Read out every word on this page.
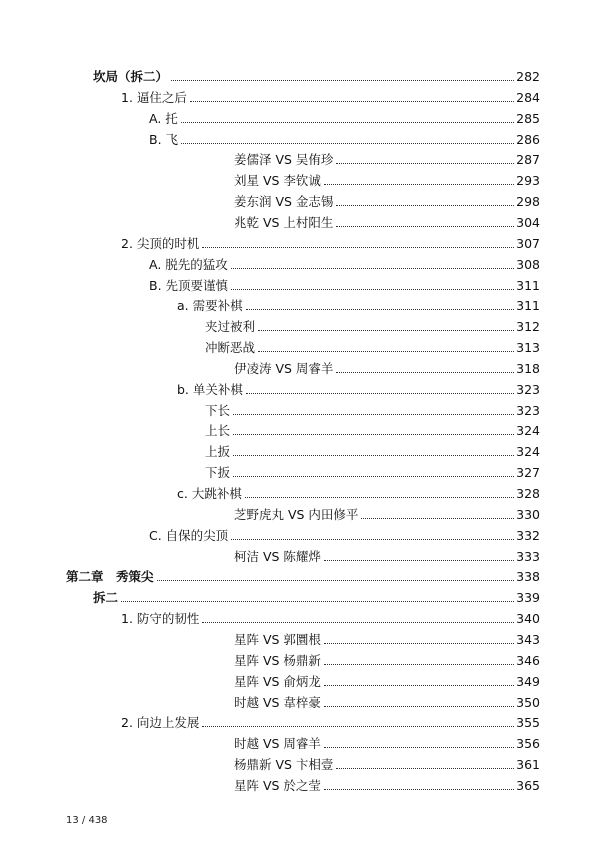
坎局（拆二）	282
1. 逼住之后	284
A. 托	285
B. 飞	286
姜儒泽 VS 吴侑珍	287
刘星 VS 李钦诚	293
姜东润 VS 金志锡	298
兆乾 VS 上村阳生	304
2. 尖顶的时机	307
A. 脱先的猛攻	308
B. 先顶要谨慎	311
a. 需要补棋	311
夹过被利	312
冲断恶战	313
伊凌涛 VS 周睿羊	318
b. 单关补棋	323
下长	323
上长	324
上扳	324
下扳	327
c. 大跳补棋	328
芝野虎丸 VS 内田修平	330
C. 自保的尖顶	332
柯洁 VS 陈耀烨	333
第二章　秀策尖	338
拆二	339
1. 防守的韧性	340
星阵 VS 郭圜根	343
星阵 VS 杨鼎新	346
星阵 VS 俞炳龙	349
时越 VS 韋梓豪	350
2. 向边上发展	355
时越 VS 周睿羊	356
杨鼎新 VS 卞相壹	361
星阵 VS 於之莹	365
13 / 438
